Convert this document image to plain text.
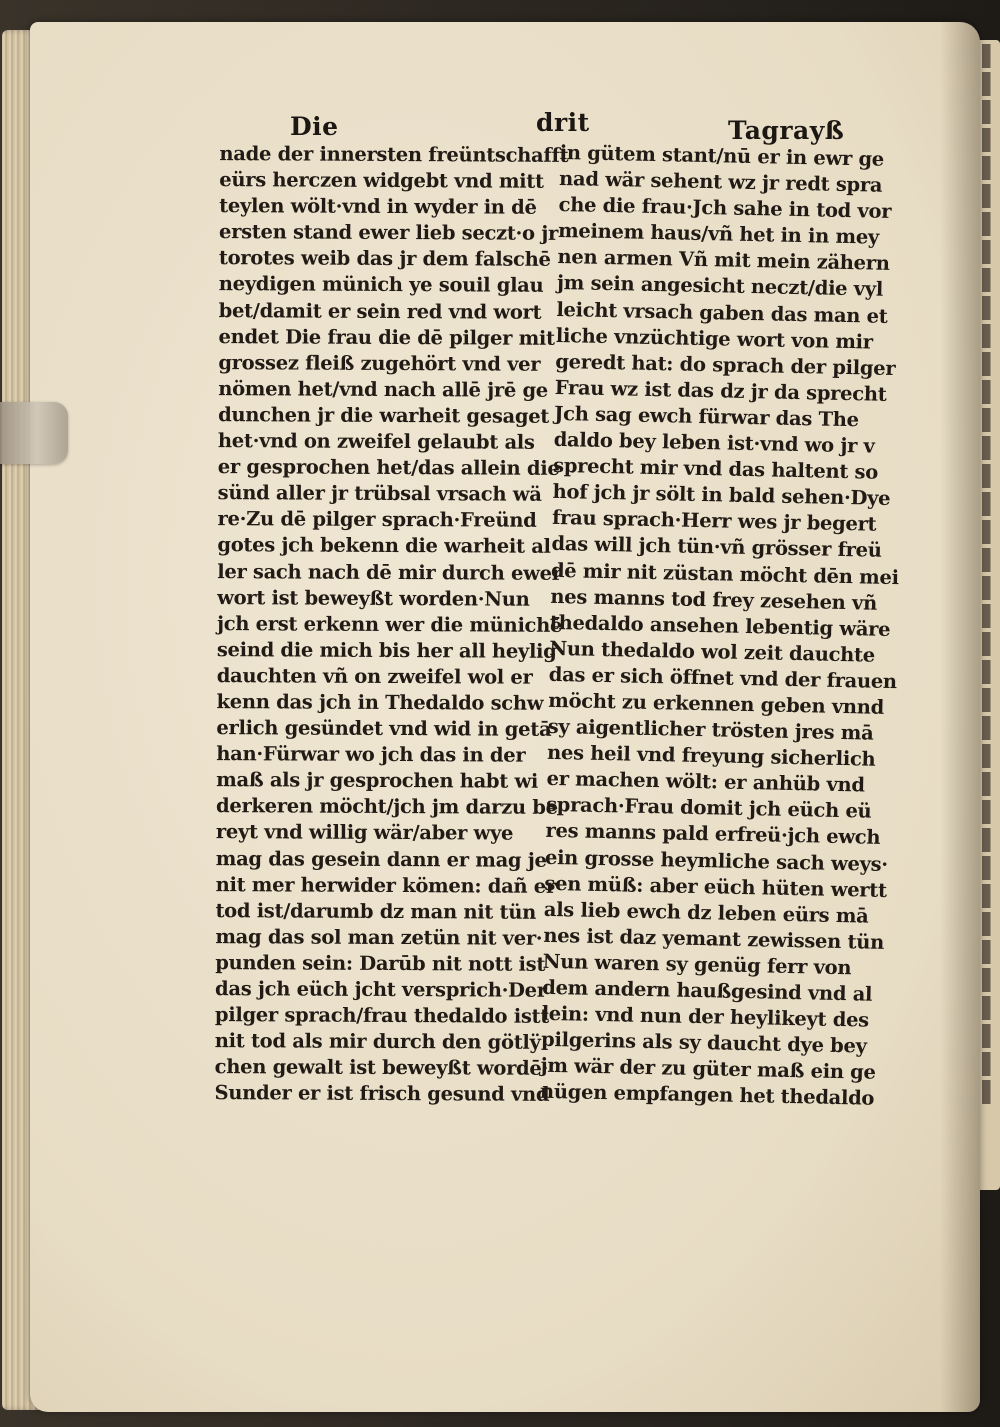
Die	drit	Tagrayß
nade der innersten freüntschafft
eürs herczen widgebt vnd mitt
teylen wölt·vnd in wyder in dē
ersten stand ewer lieb seczt·o jr
torotes weib das jr dem falschē
neydigen münich ye souil glau
bet/damit er sein red vnd wort
endet Die frau die dē pilger mit
grossez fleiß zugehört vnd ver
nömen het/vnd nach allē jrē ge
dunchen jr die warheit gesaget
het·vnd on zweifel gelaubt als
er gesprochen het/das allein die
sünd aller jr trübsal vrsach wä
re·Zu dē pilger sprach·Freünd
gotes jch bekenn die warheit al
ler sach nach dē mir durch ewer
wort ist beweyßt worden·Nun
jch erst erkenn wer die münichē
seind die mich bis her all heylig
dauchten vñ on zweifel wol er
kenn das jch in Thedaldo schw
erlich gesündet vnd wid in getā
han·Fürwar wo jch das in der
maß als jr gesprochen habt wi
derkeren möcht/jch jm darzu be
reyt vnd willig wär/aber wye
mag das gesein dann er mag je
nit mer herwider kömen: dañ er
tod ist/darumb dz man nit tün
mag das sol man zetün nit ver·
punden sein: Darūb nit nott ist
das jch eüch jcht versprich·Der
pilger sprach/frau thedaldo istt
nit tod als mir durch den götlÿ
chen gewalt ist beweyßt wordē·
Sunder er ist frisch gesund vnd
in gütem stant/nū er in ewr ge
nad wär sehent wz jr redt spra
che die frau·Jch sahe in tod vor
meinem haus/vñ het in in mey
nen armen Vñ mit mein zähern
jm sein angesicht neczt/die vyl
leicht vrsach gaben das man et
liche vnzüchtige wort von mir
geredt hat: do sprach der pilger
Frau wz ist das dz jr da sprecht
Jch sag ewch fürwar das The
daldo bey leben ist·vnd wo jr v
sprecht mir vnd das haltent so
hof jch jr sölt in bald sehen·Dye
frau sprach·Herr wes jr begert
das will jch tün·vñ grösser freü
dē mir nit züstan möcht dēn mei
nes manns tod frey zesehen vñ
thedaldo ansehen lebentig wäre
Nun thedaldo wol zeit dauchte
das er sich öffnet vnd der frauen
möcht zu erkennen geben vnnd
sy aigentlicher trösten jres mā
nes heil vnd freyung sicherlich
er machen wölt: er anhüb vnd
sprach·Frau domit jch eüch eü
res manns pald erfreü·jch ewch
ein grosse heymliche sach weys·
sen müß: aber eüch hüten wertt
als lieb ewch dz leben eürs mā
nes ist daz yemant zewissen tün
Nun waren sy genüg ferr von
dem andern haußgesind vnd al
lein: vnd nun der heylikeyt des
pilgerins als sy daucht dye bey
jm wär der zu güter maß ein ge
nügen empfangen het thedaldo
